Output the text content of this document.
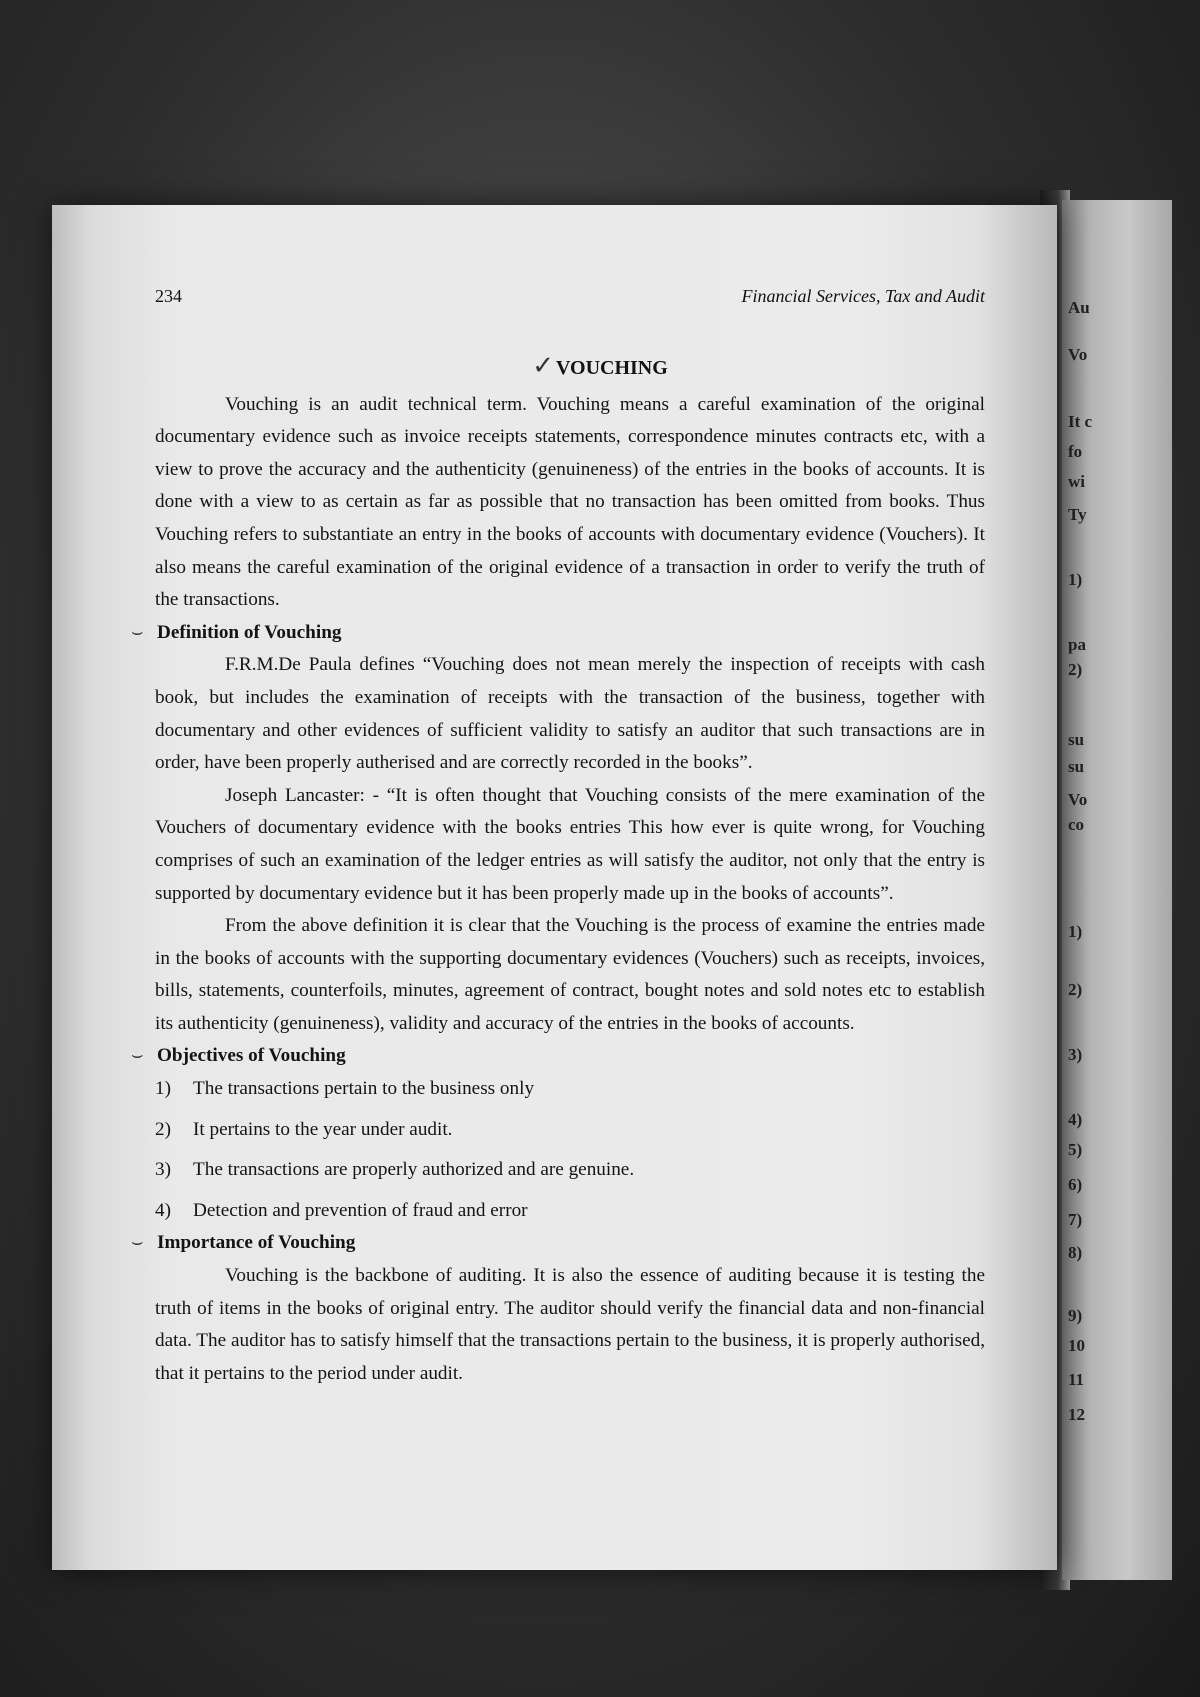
Au
Vo
It c
fo
wi
Ty
1)
pa
2)
su
su
Vo
co
1)
2)
3)
4)
5)
6)
7)
8)
9)
10
11
12
234	Financial Services, Tax and Audit
✓ VOUCHING

Vouching is an audit technical term. Vouching means a careful examination of the original documentary evidence such as invoice receipts statements, correspondence minutes contracts etc, with a view to prove the accuracy and the authenticity (genuineness) of the entries in the books of accounts. It is done with a view to as certain as far as possible that no transaction has been omitted from books. Thus Vouching refers to substantiate an entry in the books of accounts with documentary evidence (Vouchers). It also means the careful examination of the original evidence of a transaction in order to verify the truth of the transactions.

⌣ Definition of Vouching

F.R.M.De Paula defines “Vouching does not mean merely the inspection of receipts with cash book, but includes the examination of receipts with the transaction of the business, together with documentary and other evidences of sufficient validity to satisfy an auditor that such transactions are in order, have been properly autherised and are correctly recorded in the books”.

Joseph Lancaster: - “It is often thought that Vouching consists of the mere examination of the Vouchers of documentary evidence with the books entries This how ever is quite wrong, for Vouching comprises of such an examination of the ledger entries as will satisfy the auditor, not only that the entry is supported by documentary evidence but it has been properly made up in the books of accounts”.

From the above definition it is clear that the Vouching is the process of examine the entries made in the books of accounts with the supporting documentary evidences (Vouchers) such as receipts, invoices, bills, statements, counterfoils, minutes, agreement of contract, bought notes and sold notes etc to establish its authenticity (genuineness), validity and accuracy of the entries in the books of accounts.

⌣ Objectives of Vouching
1)	The transactions pertain to the business only
2)	It pertains to the year under audit.
3)	The transactions are properly authorized and are genuine.
4)	Detection and prevention of fraud and error
⌣ Importance of Vouching

Vouching is the backbone of auditing. It is also the essence of auditing because it is testing the truth of items in the books of original entry. The auditor should verify the financial data and non-financial data. The auditor has to satisfy himself that the transactions pertain to the business, it is properly authorised, that it pertains to the period under audit.
